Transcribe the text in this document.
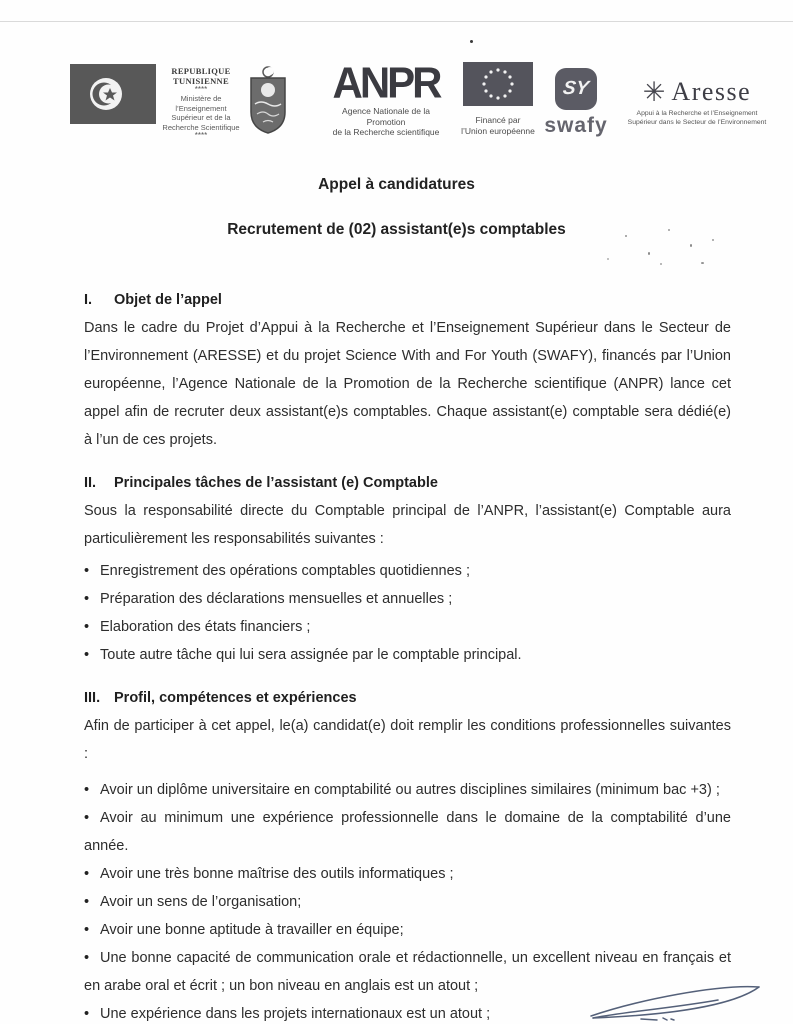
REPUBLIQUE TUNISIENNE
****
Ministère de l’Enseignement
Supérieur et de la
Recherche Scientifique
****
ANPR
Agence Nationale de la Promotion
de la Recherche scientifique
Financé par
l’Union européenne
SY
swafy
✳ Aresse
Appui à la Recherche et l’Enseignement
Supérieur dans le Secteur de l’Environnement
Appel à candidatures
Recrutement de (02) assistant(e)s comptables
I.	Objet de l’appel
Dans le cadre du Projet d’Appui à la Recherche et l’Enseignement Supérieur dans le Secteur de l’Environnement (ARESSE) et du projet Science With and For Youth (SWAFY), financés par l’Union européenne, l’Agence Nationale de la Promotion de la Recherche scientifique (ANPR) lance cet appel afin de recruter deux assistant(e)s comptables. Chaque assistant(e) comptable sera dédié(e) à l’un de ces projets.
II.	Principales tâches de l’assistant (e) Comptable
Sous la responsabilité directe du Comptable principal de l’ANPR, l’assistant(e) Comptable aura particulièrement les responsabilités suivantes :
• Enregistrement des opérations comptables quotidiennes ;
• Préparation des déclarations mensuelles et annuelles ;
• Elaboration des états financiers ;
• Toute autre tâche qui lui sera assignée par le comptable principal.
III. Profil, compétences et expériences
Afin de participer à cet appel, le(a) candidat(e) doit remplir les conditions professionnelles suivantes :
• Avoir un diplôme universitaire en comptabilité ou autres disciplines similaires (minimum bac +3) ;
• Avoir au minimum une expérience professionnelle dans le domaine de la comptabilité d’une année.
• Avoir une très bonne maîtrise des outils informatiques ;
• Avoir un sens de l’organisation;
• Avoir une bonne aptitude à travailler en équipe;
• Une bonne capacité de communication orale et rédactionnelle, un excellent niveau en français et en arabe oral et écrit ; un bon niveau en anglais est un atout ;
• Une expérience dans les projets internationaux est un atout ;
